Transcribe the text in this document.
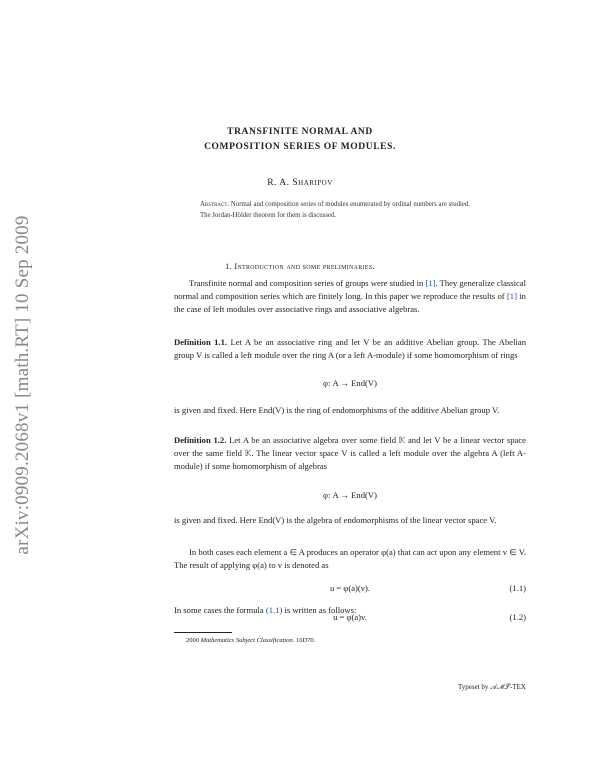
arXiv:0909.2068v1 [math.RT] 10 Sep 2009
TRANSFINITE NORMAL AND
COMPOSITION SERIES OF MODULES.
R. A. Sharipov
Abstract. Normal and composition series of modules enumerated by ordinal numbers are studied. The Jordan-Hölder theorem for them is discussed.
1. Introduction and some preliminaries.
Transfinite normal and composition series of groups were studied in [1]. They generalize classical normal and composition series which are finitely long. In this paper we reproduce the results of [1] in the case of left modules over associative rings and associative algebras.
Definition 1.1. Let A be an associative ring and let V be an additive Abelian group. The Abelian group V is called a left module over the ring A (or a left A-module) if some homomorphism of rings
φ: A → End(V)
is given and fixed. Here End(V) is the ring of endomorphisms of the additive Abelian group V.
Definition 1.2. Let A be an associative algebra over some field 𝕂 and let V be a linear vector space over the same field 𝕂. The linear vector space V is called a left module over the algebra A (left A-module) if some homomorphism of algebras
φ: A → End(V)
is given and fixed. Here End(V) is the algebra of endomorphisms of the linear vector space V.
In both cases each element a ∈ A produces an operator φ(a) that can act upon any element v ∈ V. The result of applying φ(a) to v is denoted as
u = φ(a)(v).	(1.1)
In some cases the formula (1.1) is written as follows:
u = φ(a)v.	(1.2)
2000 Mathematics Subject Classification. 16D70.
Typeset by 𝒜ℳ𝒮-TEX
